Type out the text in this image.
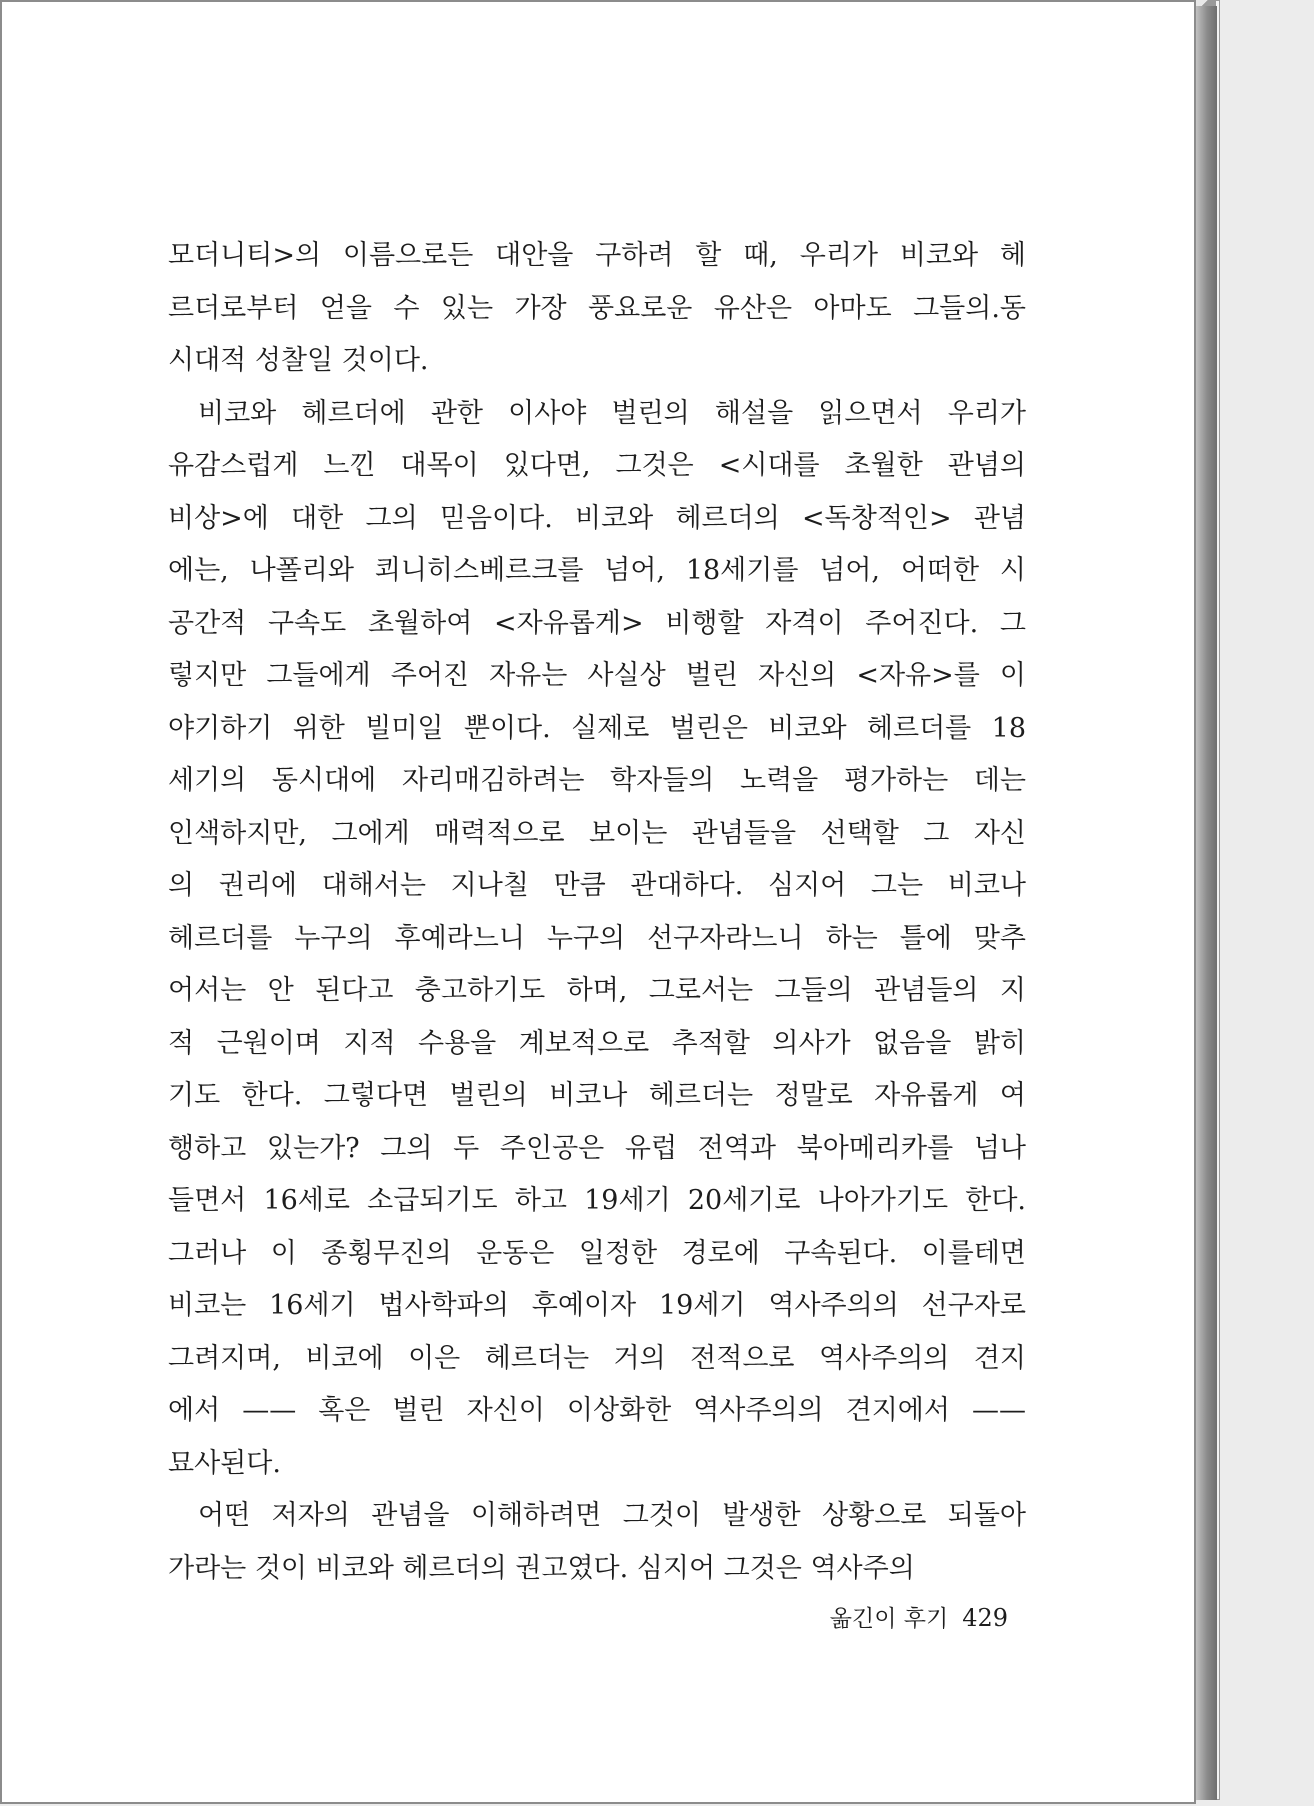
모더니티>의 이름으로든 대안을 구하려 할 때, 우리가 비코와 헤
르더로부터 얻을 수 있는 가장 풍요로운 유산은 아마도 그들의.동
시대적 성찰일 것이다.
비코와 헤르더에 관한 이사야 벌린의 해설을 읽으면서 우리가
유감스럽게 느낀 대목이 있다면, 그것은 <시대를 초월한 관념의
비상>에 대한 그의 믿음이다. 비코와 헤르더의 <독창적인> 관념
에는, 나폴리와 쾨니히스베르크를 넘어, 18세기를 넘어, 어떠한 시
공간적 구속도 초월하여 <자유롭게> 비행할 자격이 주어진다. 그
렇지만 그들에게 주어진 자유는 사실상 벌린 자신의 <자유>를 이
야기하기 위한 빌미일 뿐이다. 실제로 벌린은 비코와 헤르더를 18
세기의 동시대에 자리매김하려는 학자들의 노력을 평가하는 데는
인색하지만, 그에게 매력적으로 보이는 관념들을 선택할 그 자신
의 권리에 대해서는 지나칠 만큼 관대하다. 심지어 그는 비코나
헤르더를 누구의 후예라느니 누구의 선구자라느니 하는 틀에 맞추
어서는 안 된다고 충고하기도 하며, 그로서는 그들의 관념들의 지
적 근원이며 지적 수용을 계보적으로 추적할 의사가 없음을 밝히
기도 한다. 그렇다면 벌린의 비코나 헤르더는 정말로 자유롭게 여
행하고 있는가? 그의 두 주인공은 유럽 전역과 북아메리카를 넘나
들면서 16세로 소급되기도 하고 19세기 20세기로 나아가기도 한다.
그러나 이 종횡무진의 운동은 일정한 경로에 구속된다. 이를테면
비코는 16세기 법사학파의 후예이자 19세기 역사주의의 선구자로
그려지며, 비코에 이은 헤르더는 거의 전적으로 역사주의의 견지
에서 —— 혹은 벌린 자신이 이상화한 역사주의의 견지에서 ——
묘사된다.
어떤 저자의 관념을 이해하려면 그것이 발생한 상황으로 되돌아
가라는 것이 비코와 헤르더의 권고였다. 심지어 그것은 역사주의
옮긴이 후기 429
